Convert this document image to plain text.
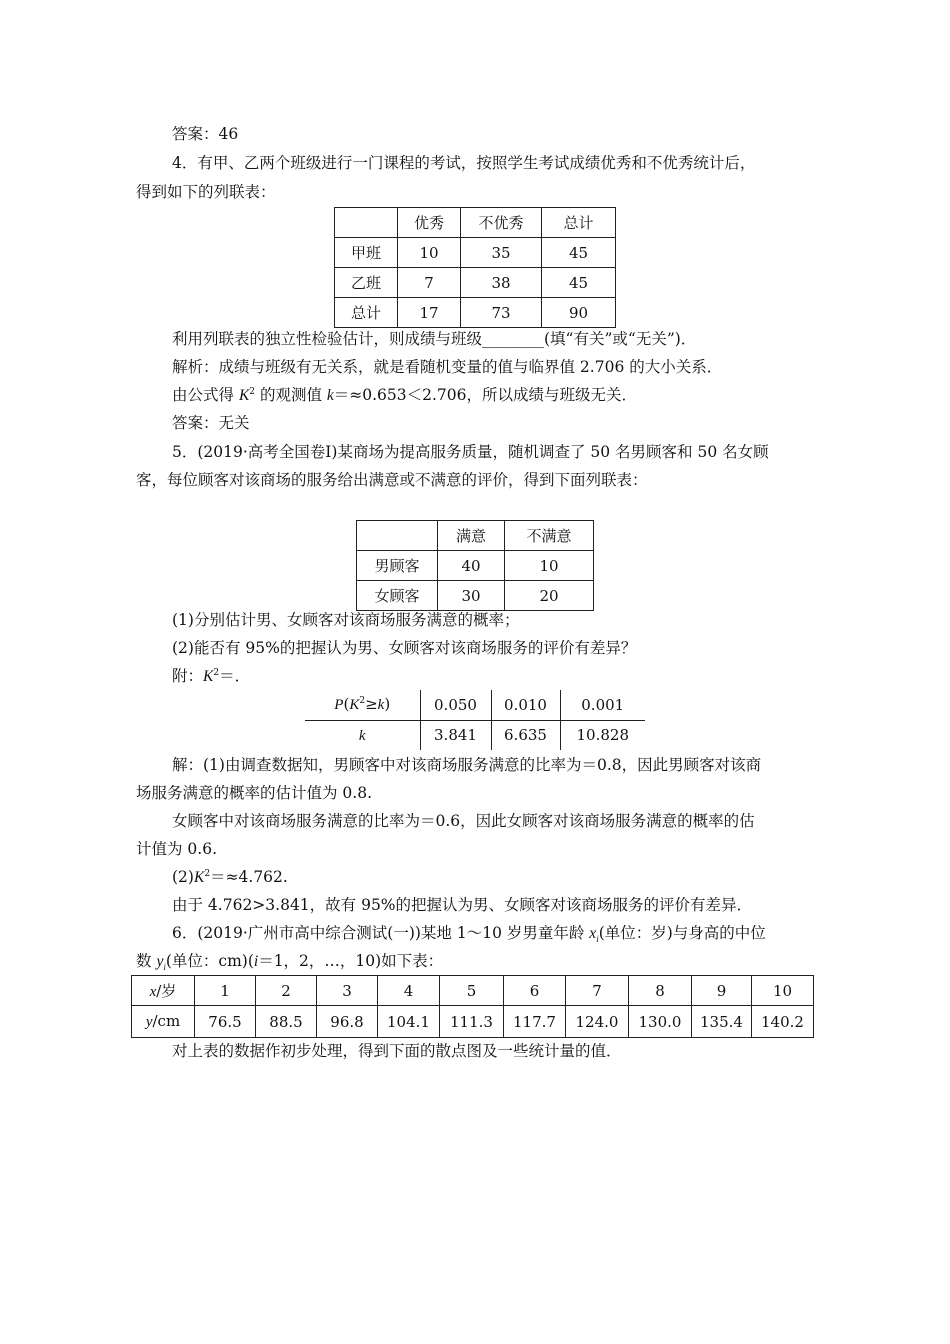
答案：46
4．有甲、乙两个班级进行一门课程的考试，按照学生考试成绩优秀和不优秀统计后，
得到如下的列联表：
	优秀	不优秀	总计
甲班	10	35	45
乙班	7	38	45
总计	17	73	90
利用列联表的独立性检验估计，则成绩与班级________(填“有关”或“无关”)．
解析：成绩与班级有无关系，就是看随机变量的值与临界值 2.706 的大小关系．
由公式得 $K^2$ 的观测值 k＝≈0.653＜2.706，所以成绩与班级无关．
答案：无关
5．(2019·高考全国卷Ⅰ)某商场为提高服务质量，随机调查了 50 名男顾客和 50 名女顾
客，每位顾客对该商场的服务给出满意或不满意的评价，得到下面列联表：
	满意	不满意
男顾客	40	10
女顾客	30	20
(1)分别估计男、女顾客对该商场服务满意的概率；
(2)能否有 95%的把握认为男、女顾客对该商场服务的评价有差异？
附：$K^2=$．
$P(K^2\ge k)$	0.050	0.010	0.001
k	3.841	6.635	10.828
解：(1)由调查数据知，男顾客中对该商场服务满意的比率为＝0.8，因此男顾客对该商
场服务满意的概率的估计值为 0.8.
女顾客中对该商场服务满意的比率为＝0.6，因此女顾客对该商场服务满意的概率的估
计值为 0.6.
$(2)K^2=\approx 4.762$.
由于 4.762>3.841，故有 95%的把握认为男、女顾客对该商场服务的评价有差异．
6．(2019·广州市高中综合测试(一))某地 1～10 岁男童年龄 $x_i$(单位：岁)与身高的中位
数 $y_i$(单位：cm)(i＝1，2，…，10)如下表：
x/岁	1	2	3	4	5	6	7	8	9	10
y/cm	76.5	88.5	96.8	104.1	111.3	117.7	124.0	130.0	135.4	140.2
对上表的数据作初步处理，得到下面的散点图及一些统计量的值．
